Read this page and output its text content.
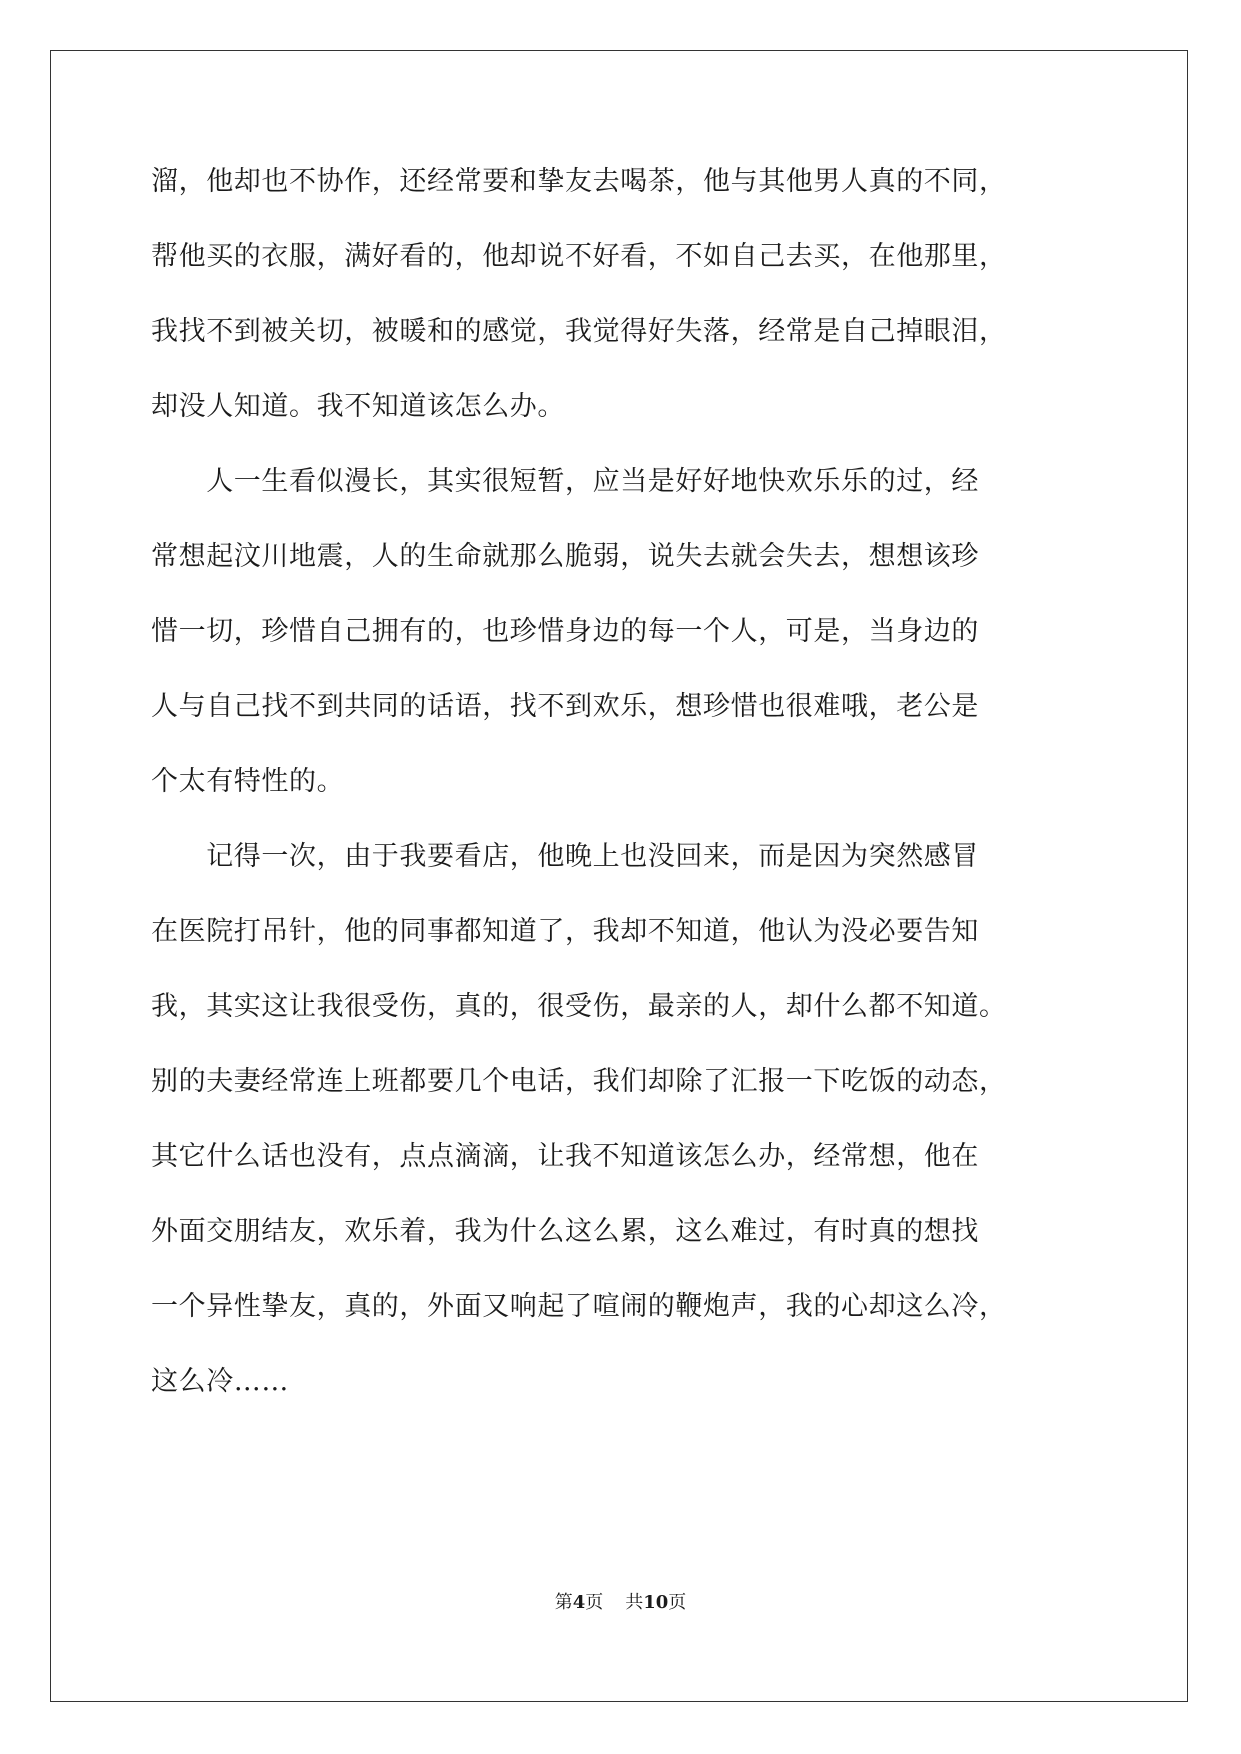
溜，他却也不协作，还经常要和挚友去喝茶，他与其他男人真的不同，
帮他买的衣服，满好看的，他却说不好看，不如自己去买，在他那里，
我找不到被关切，被暖和的感觉，我觉得好失落，经常是自己掉眼泪，
却没人知道。我不知道该怎么办。
　　人一生看似漫长，其实很短暂，应当是好好地快欢乐乐的过，经
常想起汶川地震，人的生命就那么脆弱，说失去就会失去，想想该珍
惜一切，珍惜自己拥有的，也珍惜身边的每一个人，可是，当身边的
人与自己找不到共同的话语，找不到欢乐，想珍惜也很难哦，老公是
个太有特性的。
　　记得一次，由于我要看店，他晚上也没回来，而是因为突然感冒
在医院打吊针，他的同事都知道了，我却不知道，他认为没必要告知
我，其实这让我很受伤，真的，很受伤，最亲的人，却什么都不知道。
别的夫妻经常连上班都要几个电话，我们却除了汇报一下吃饭的动态，
其它什么话也没有，点点滴滴，让我不知道该怎么办，经常想，他在
外面交朋结友，欢乐着，我为什么这么累，这么难过，有时真的想找
一个异性挚友，真的，外面又响起了喧闹的鞭炮声，我的心却这么冷，
这么冷……
第4页 共10页
